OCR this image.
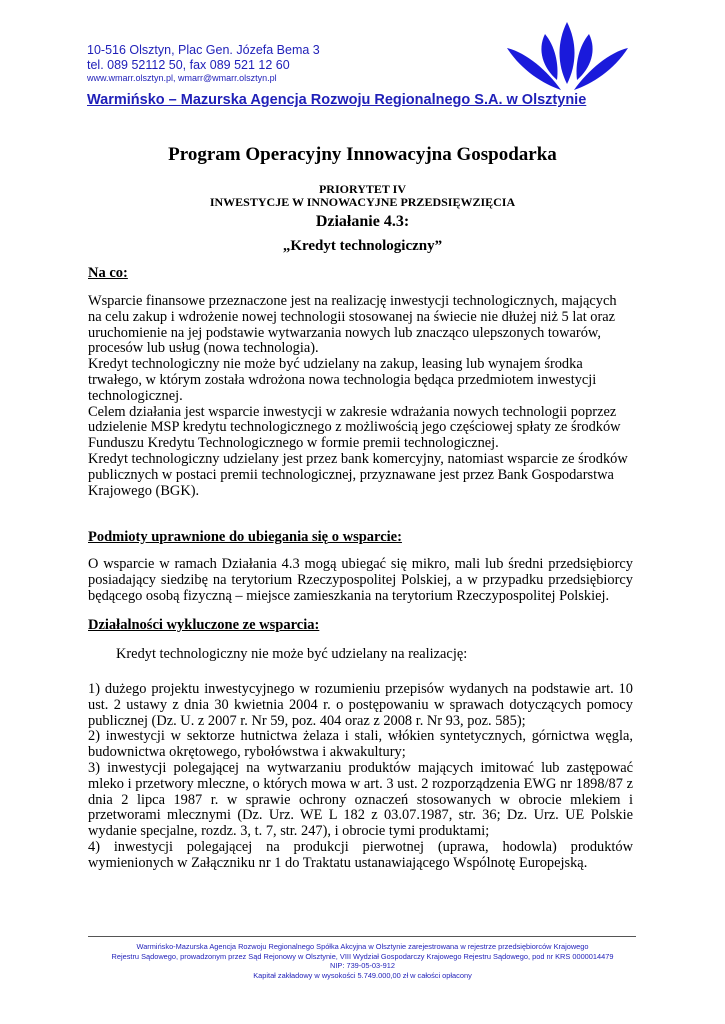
10-516 Olsztyn, Plac Gen. Józefa Bema 3
tel. 089 52112 50, fax 089 521 12 60
www.wmarr.olsztyn.pl, wmarr@wmarr.olsztyn.pl
Warmińsko – Mazurska Agencja Rozwoju Regionalnego S.A. w Olsztynie
Program Operacyjny Innowacyjna Gospodarka
PRIORYTET IV
INWESTYCJE W INNOWACYJNE PRZEDSIĘWZIĘCIA
Działanie 4.3:
„Kredyt technologiczny”
Na co:

Wsparcie finansowe przeznaczone jest na realizację inwestycji technologicznych, mających na celu zakup i wdrożenie nowej technologii stosowanej na świecie nie dłużej niż 5 lat oraz uruchomienie na jej podstawie wytwarzania nowych lub znacząco ulepszonych towarów, procesów lub usług (nowa technologia).

Kredyt technologiczny nie może być udzielany na zakup, leasing lub wynajem środka trwałego, w którym została wdrożona nowa technologia będąca przedmiotem inwestycji technologicznej.

Celem działania jest wsparcie inwestycji w zakresie wdrażania nowych technologii poprzez udzielenie MSP kredytu technologicznego z możliwością jego częściowej spłaty ze środków Funduszu Kredytu Technologicznego w formie premii technologicznej.

Kredyt technologiczny udzielany jest przez bank komercyjny, natomiast wsparcie ze środków publicznych w postaci premii technologicznej, przyznawane jest przez Bank Gospodarstwa Krajowego (BGK).

Podmioty uprawnione do ubiegania się o wsparcie:
O wsparcie w ramach Działania 4.3 mogą ubiegać się mikro, mali lub średni przedsiębiorcy posiadający siedzibę na terytorium Rzeczypospolitej Polskiej, a w przypadku przedsiębiorcy będącego osobą fizyczną – miejsce zamieszkania na terytorium Rzeczypospolitej Polskiej.
Działalności wykluczone ze wsparcia:
Kredyt technologiczny nie może być udzielany na realizację:

1) dużego projektu inwestycyjnego w rozumieniu przepisów wydanych na podstawie art. 10 ust. 2 ustawy z dnia 30 kwietnia 2004 r. o postępowaniu w sprawach dotyczących pomocy publicznej (Dz. U. z 2007 r. Nr 59, poz. 404 oraz z 2008 r. Nr 93, poz. 585);

2) inwestycji w sektorze hutnictwa żelaza i stali, włókien syntetycznych, górnictwa węgla, budownictwa okrętowego, rybołówstwa i akwakultury;

3) inwestycji polegającej na wytwarzaniu produktów mających imitować lub zastępować mleko i przetwory mleczne, o których mowa w art. 3 ust. 2 rozporządzenia EWG nr 1898/87 z dnia 2 lipca 1987 r. w sprawie ochrony oznaczeń stosowanych w obrocie mlekiem i przetworami mlecznymi (Dz. Urz. WE L 182 z 03.07.1987, str. 36; Dz. Urz. UE Polskie wydanie specjalne, rozdz. 3, t. 7, str. 247), i obrocie tymi produktami;

4) inwestycji polegającej na produkcji pierwotnej (uprawa, hodowla) produktów wymienionych w Załączniku nr 1 do Traktatu ustanawiającego Wspólnotę Europejską.

Warmińsko-Mazurska Agencja Rozwoju Regionalnego Spółka Akcyjna w Olsztynie zarejestrowana w rejestrze przedsiębiorców Krajowego

Rejestru Sądowego, prowadzonym przez Sąd Rejonowy w Olsztynie, VIII Wydział Gospodarczy Krajowego Rejestru Sądowego, pod nr KRS 0000014479

NIP: 739-05-03-912

Kapitał zakładowy w wysokości 5.749.000,00 zł w całości opłacony
